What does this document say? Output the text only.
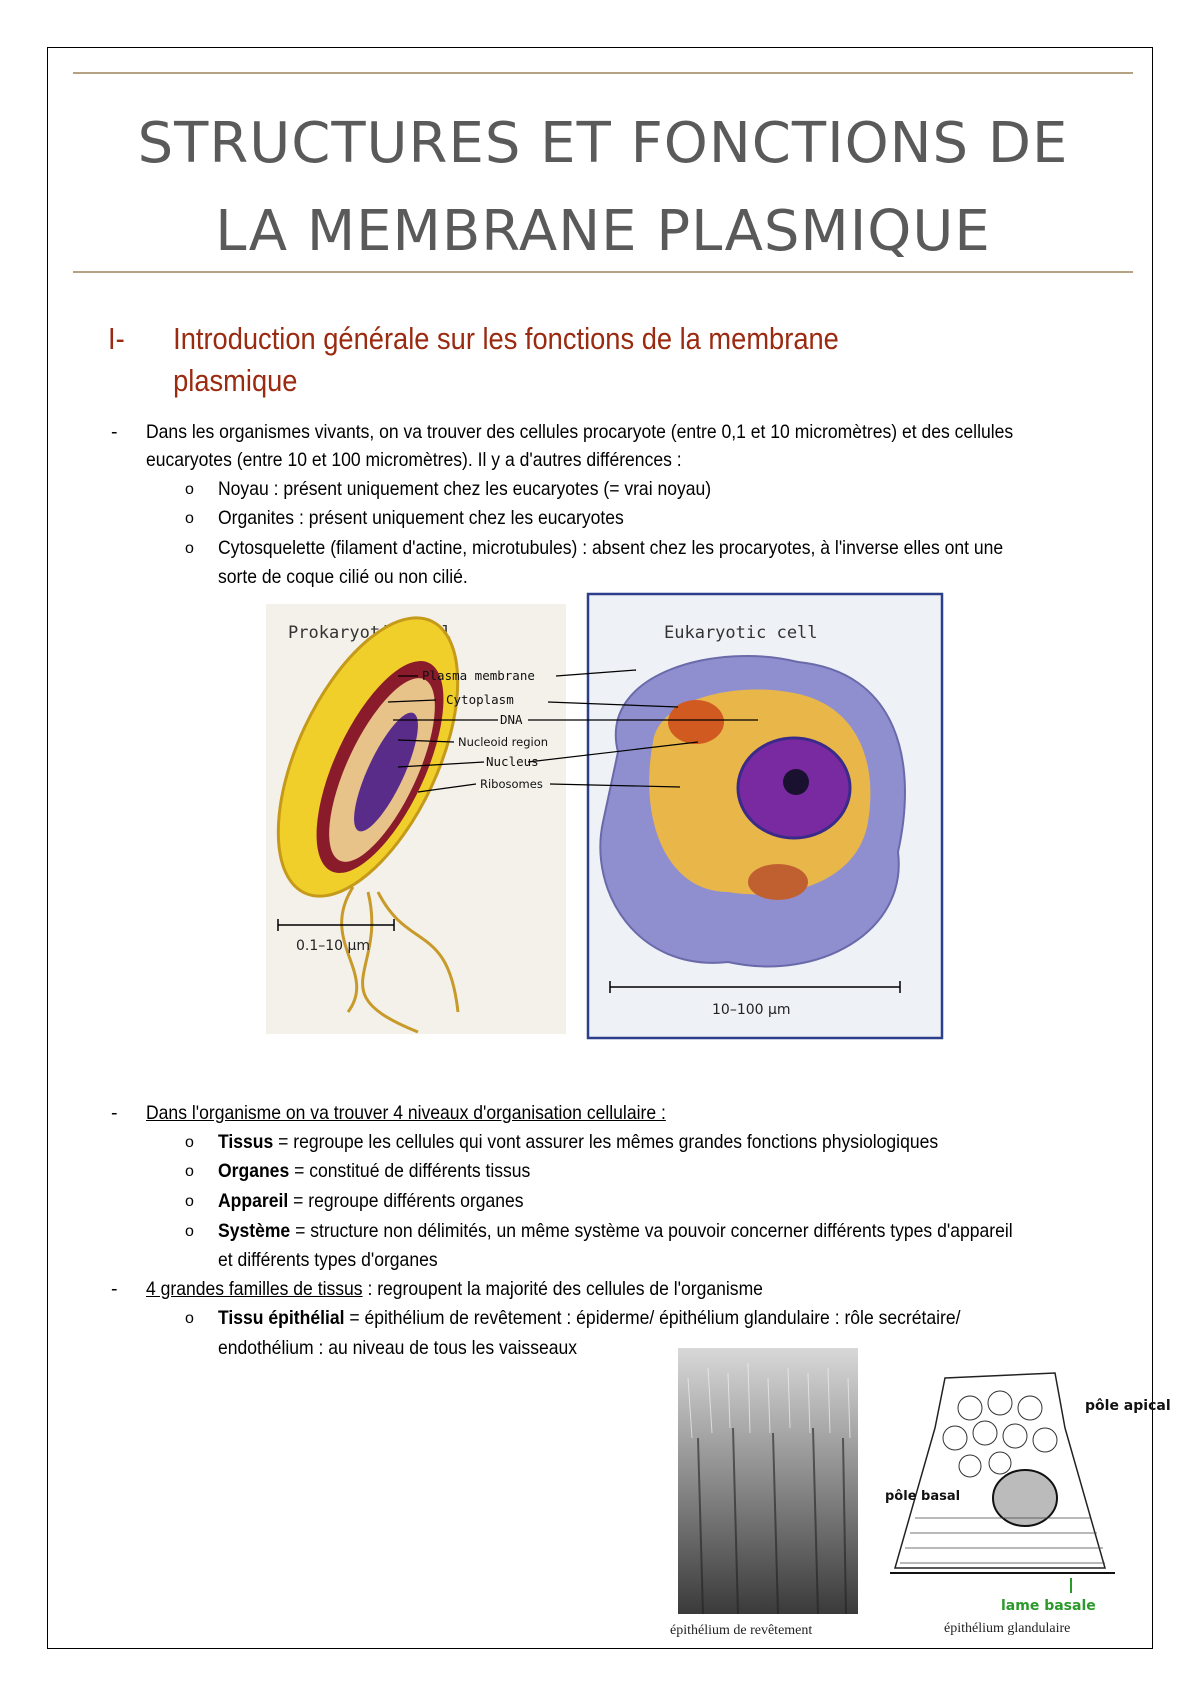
STRUCTURES ET FONCTIONS DE
LA MEMBRANE PLASMIQUE
I- Introduction générale sur les fonctions de la membrane
plasmique
- Dans les organismes vivants, on va trouver des cellules procaryote (entre 0,1 et 10 micromètres) et des cellules
eucaryotes (entre 10 et 100 micromètres). Il y a d'autres différences :
o Noyau : présent uniquement chez les eucaryotes (= vrai noyau)
o Organites : présent uniquement chez les eucaryotes
o Cytosquelette (filament d'actine, microtubules) : absent chez les procaryotes, à l'inverse elles ont une
sorte de coque cilié ou non cilié.
Prokaryotic cell	Eukaryotic cell
Plasma membrane
Cytoplasm
DNA
Nucleoid region
Nucleus
Ribosomes
0.1–10 µm
10–100 µm
- Dans l'organisme on va trouver 4 niveaux d'organisation cellulaire :
o Tissus = regroupe les cellules qui vont assurer les mêmes grandes fonctions physiologiques
o Organes = constitué de différents tissus
o Appareil = regroupe différents organes
o Système = structure non délimités, un même système va pouvoir concerner différents types d'appareil
et différents types d'organes
- 4 grandes familles de tissus : regroupent la majorité des cellules de l'organisme
o Tissu épithélial = épithélium de revêtement : épiderme/ épithélium glandulaire : rôle secrétaire/
endothélium : au niveau de tous les vaisseaux
pôle apical
pôle basal
lame basale
épithélium de revêtement	épithélium glandulaire
